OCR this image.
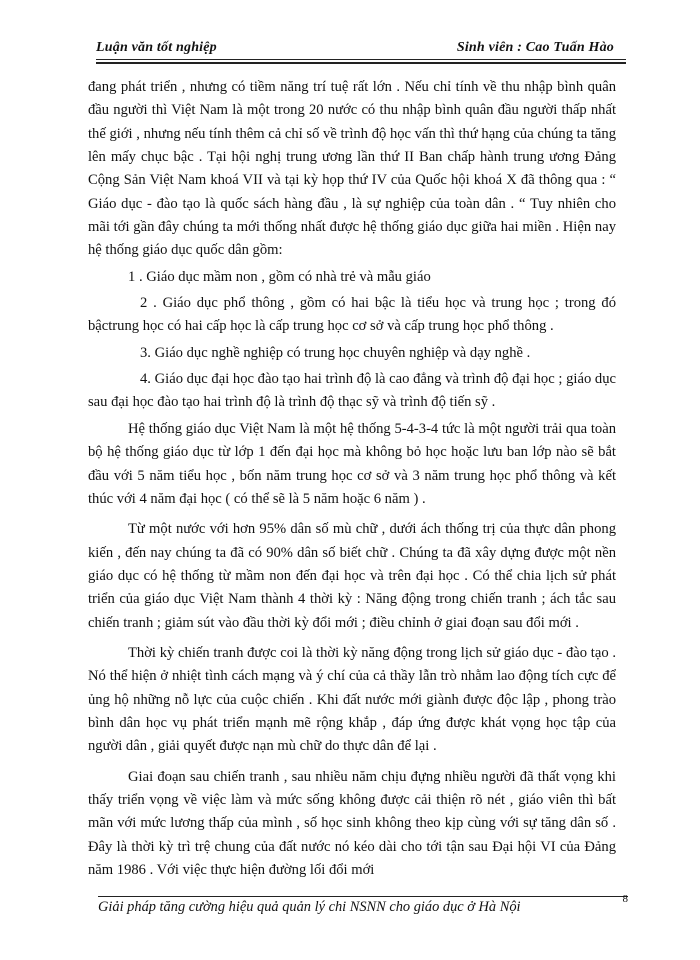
Luận văn tốt nghiệp	Sinh viên : Cao Tuấn Hào

đang phát triển , nhưng có tiềm năng trí tuệ rất lớn . Nếu chỉ tính về thu nhập bình quân đầu người thì Việt Nam là một trong 20 nước có thu nhập bình quân đầu người thấp nhất thế giới , nhưng nếu tính thêm cả chỉ số về trình độ học vấn thì thứ hạng của chúng ta tăng lên mấy chục bậc . Tại hội nghị trung ương lần thứ II Ban chấp hành trung ương Đảng Cộng Sản Việt Nam khoá VII và tại kỳ họp thứ IV của Quốc hội khoá X đã thông qua : “ Giáo dục - đào tạo là quốc sách hàng đầu , là sự nghiệp của toàn dân . “ Tuy nhiên cho mãi tới gần đây chúng ta mới thống nhất được hệ thống giáo dục giữa hai miền . Hiện nay hệ thống giáo dục quốc dân gồm:

1 . Giáo dục mầm non , gồm có nhà trẻ và mẫu giáo

2 . Giáo dục phổ thông , gồm có hai bậc là tiểu học và trung học ; trong đó bậctrung học có hai cấp học là cấp trung học cơ sở và cấp trung học phổ thông .

3. Giáo dục nghề nghiệp có trung học chuyên nghiệp và dạy nghề .

4. Giáo dục đại học đào tạo hai trình độ là cao đẳng và trình độ đại học ; giáo dục sau đại học đào tạo hai trình độ là trình độ thạc sỹ và trình độ tiến sỹ .

Hệ thống giáo dục Việt Nam là một hệ thống 5-4-3-4 tức là một người trải qua toàn bộ hệ thống giáo dục từ lớp 1 đến đại học mà không bỏ học hoặc lưu ban lớp nào sẽ bắt đầu với 5 năm tiểu học , bốn năm trung học cơ sở và 3 năm trung học phổ thông và kết thúc với 4 năm đại học ( có thể sẽ là 5 năm hoặc 6 năm ) .

Từ một nước với hơn 95% dân số mù chữ , dưới ách thống trị của thực dân phong kiến , đến nay chúng ta đã có 90% dân số biết chữ . Chúng ta đã xây dựng được một nền giáo dục có hệ thống từ mầm non đến đại học và trên đại học . Có thể chia lịch sử phát triển của giáo dục Việt Nam thành 4 thời kỳ : Năng động trong chiến tranh ; ách tắc sau chiến tranh ; giảm sút vào đầu thời kỳ đổi mới ; điều chỉnh ở giai đoạn sau đổi mới .

Thời kỳ chiến tranh được coi là thời kỳ năng động trong lịch sử giáo dục - đào tạo . Nó thể hiện ở nhiệt tình cách mạng và ý chí của cả thầy lẫn trò nhằm lao động tích cực để ủng hộ những nỗ lực của cuộc chiến . Khi đất nước mới giành được độc lập , phong trào bình dân học vụ phát triển mạnh mẽ rộng khắp , đáp ứng được khát vọng học tập của người dân , giải quyết được nạn mù chữ do thực dân để lại .

Giai đoạn sau chiến tranh , sau nhiều năm chịu đựng nhiều người đã thất vọng khi thấy triển vọng về việc làm và mức sống không được cải thiện rõ nét , giáo viên thì bất mãn với mức lương thấp của mình , số học sinh không theo kịp cùng với sự tăng dân số . Đây là thời kỳ trì trệ chung của đất nước nó kéo dài cho tới tận sau Đại hội VI của Đảng năm 1986 . Với việc thực hiện đường lối đổi mới

Giải pháp tăng cường hiệu quả quản lý chi NSNN cho giáo dục ở Hà Nội	8
